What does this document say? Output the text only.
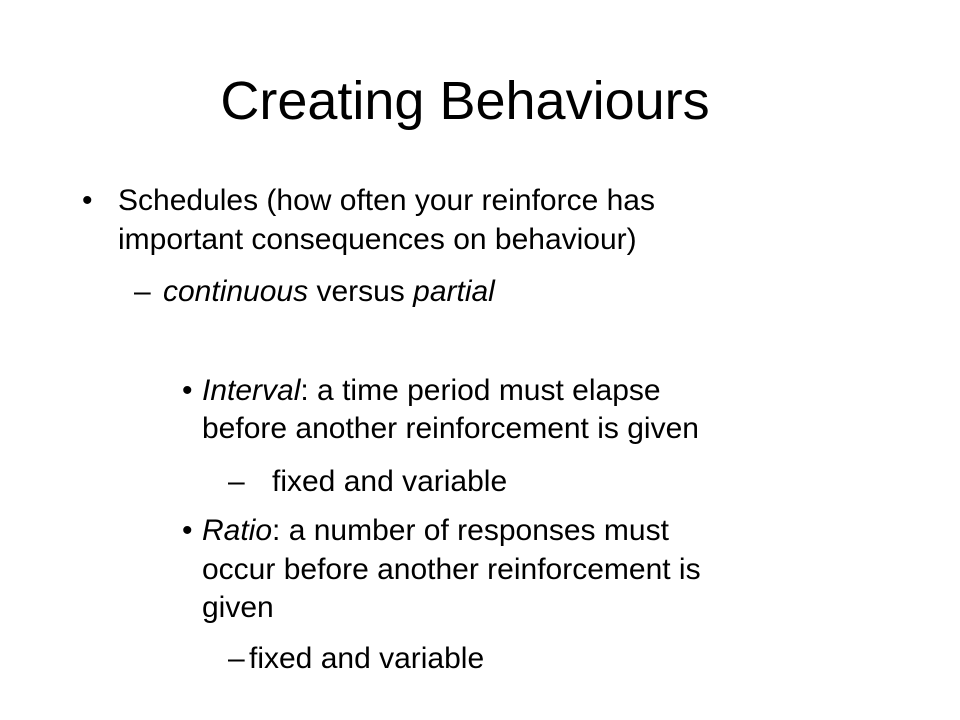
Creating Behaviours
• Schedules (how often your reinforce has
important consequences on behaviour)
– continuous versus partial
• Interval: a time period must elapse
before another reinforcement is given
– fixed and variable
• Ratio: a number of responses must
occur before another reinforcement is
given
– fixed and variable
